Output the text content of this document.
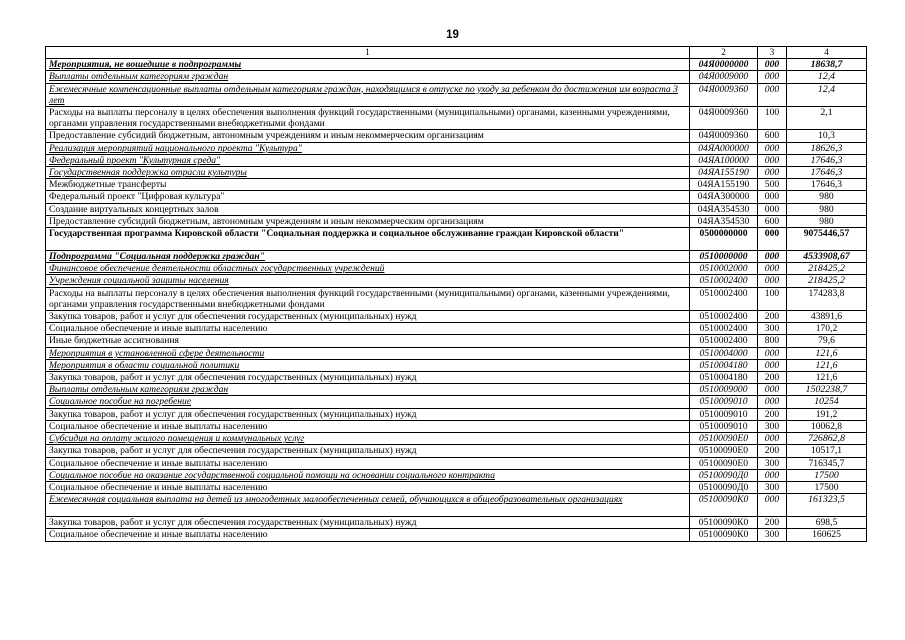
19
1	2	3	4
Мероприятия, не вошедшие в подпрограммы	04Я0000000	000	18638,7
Выплаты отдельным категориям граждан	04Я0009000	000	12,4
Ежемесячные компенсационные выплаты отдельным категориям граждан, находящимся в отпуске по уходу за ребенком до достижения им возраста 3 лет	04Я0009360	000	12,4
Расходы на выплаты персоналу в целях обеспечения выполнения функций государственными (муниципальными) органами, казенными учреждениями, органами управления государственными внебюджетными фондами	04Я0009360	100	2,1
Предоставление субсидий бюджетным, автономным учреждениям и иным некоммерческим организациям	04Я0009360	600	10,3
Реализация мероприятий национального проекта "Культура"	04ЯА000000	000	18626,3
Федеральный проект "Культурная среда"	04ЯА100000	000	17646,3
Государственная поддержка отрасли культуры	04ЯА155190	000	17646,3
Межбюджетные трансферты	04ЯА155190	500	17646,3
Федеральный проект "Цифровая культура"	04ЯА300000	000	980
Создание виртуальных концертных залов	04ЯА354530	000	980
Предоставление субсидий бюджетным, автономным учреждениям и иным некоммерческим организациям	04ЯА354530	600	980
Государственная программа Кировской области "Социальная поддержка и социальное обслуживание граждан Кировской области"	0500000000	000	9075446,57
Подпрограмма "Социальная поддержка граждан"	0510000000	000	4533908,67
Финансовое обеспечение деятельности областных государственных учреждений	0510002000	000	218425,2
Учреждения социальной защиты населения	0510002400	000	218425,2
Расходы на выплаты персоналу в целях обеспечения выполнения функций государственными (муниципальными) органами, казенными учреждениями, органами управления государственными внебюджетными фондами	0510002400	100	174283,8
Закупка товаров, работ и услуг для обеспечения государственных (муниципальных) нужд	0510002400	200	43891,6
Социальное обеспечение и иные выплаты населению	0510002400	300	170,2
Иные бюджетные ассигнования	0510002400	800	79,6
Мероприятия в установленной сфере деятельности	0510004000	000	121,6
Мероприятия в области социальной политики	0510004180	000	121,6
Закупка товаров, работ и услуг для обеспечения государственных (муниципальных) нужд	0510004180	200	121,6
Выплаты отдельным категориям граждан	0510009000	000	1502238,7
Социальное пособие на погребение	0510009010	000	10254
Закупка товаров, работ и услуг для обеспечения государственных (муниципальных) нужд	0510009010	200	191,2
Социальное обеспечение и иные выплаты населению	0510009010	300	10062,8
Субсидия на оплату жилого помещения и коммунальных услуг	05100090Е0	000	726862,8
Закупка товаров, работ и услуг для обеспечения государственных (муниципальных) нужд	05100090Е0	200	10517,1
Социальное обеспечение и иные выплаты населению	05100090Е0	300	716345,7
Социальное пособие на оказание государственной социальной помощи на основании социального контракта	05100090Д0	000	17500
Социальное обеспечение и иные выплаты населению	05100090Д0	300	17500
Ежемесячная социальная выплата на детей из многодетных малообеспеченных семей, обучающихся в общеобразовательных организациях	05100090К0	000	161323,5
Закупка товаров, работ и услуг для обеспечения государственных (муниципальных) нужд	05100090К0	200	698,5
Социальное обеспечение и иные выплаты населению	05100090К0	300	160625
